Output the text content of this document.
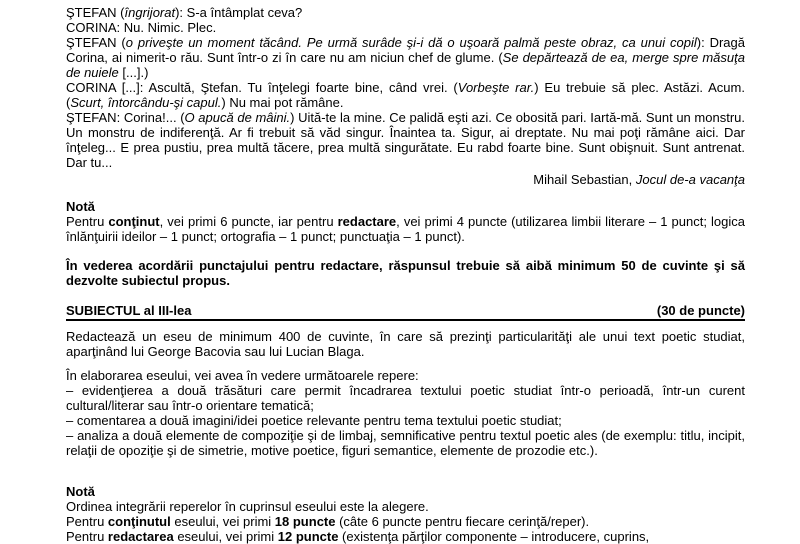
ŞTEFAN (îngrijorat): S-a întâmplat ceva?

CORINA: Nu. Nimic. Plec.

ŞTEFAN (o priveşte un moment tăcând. Pe urmă surâde şi-i dă o uşoară palmă peste obraz, ca unui copil): Dragă Corina, ai nimerit-o rău. Sunt într-o zi în care nu am niciun chef de glume. (Se depărtează de ea, merge spre măsuţa de nuiele [...].)

CORINA [...]: Ascultă, Ştefan. Tu înţelegi foarte bine, când vrei. (Vorbeşte rar.) Eu trebuie să plec. Astăzi. Acum. (Scurt, întorcându-şi capul.) Nu mai pot rămâne.

ŞTEFAN: Corina!... (O apucă de mâini.) Uită-te la mine. Ce palidă eşti azi. Ce obosită pari. Iartă-mă. Sunt un monstru. Un monstru de indiferenţă. Ar fi trebuit să văd singur. Înaintea ta. Sigur, ai dreptate. Nu mai poţi rămâne aici. Dar înţeleg... E prea pustiu, prea multă tăcere, prea multă singurătate. Eu rabd foarte bine. Sunt obişnuit. Sunt antrenat. Dar tu...

Mihail Sebastian, Jocul de-a vacanţa

Notă

Pentru conţinut, vei primi 6 puncte, iar pentru redactare, vei primi 4 puncte (utilizarea limbii literare – 1 punct; logica înlănţuirii ideilor – 1 punct; ortografia – 1 punct; punctuaţia – 1 punct).

În vederea acordării punctajului pentru redactare, răspunsul trebuie să aibă minimum 50 de cuvinte şi să dezvolte subiectul propus.

SUBIECTUL al III-lea	(30 de puncte)

Redactează un eseu de minimum 400 de cuvinte, în care să prezinţi particularităţi ale unui text poetic studiat, aparţinând lui George Bacovia sau lui Lucian Blaga.

În elaborarea eseului, vei avea în vedere următoarele repere:

– evidenţierea a două trăsături care permit încadrarea textului poetic studiat într-o perioadă, într-un curent cultural/literar sau într-o orientare tematică;

– comentarea a două imagini/idei poetice relevante pentru tema textului poetic studiat;

– analiza a două elemente de compoziţie şi de limbaj, semnificative pentru textul poetic ales (de exemplu: titlu, incipit, relaţii de opoziţie şi de simetrie, motive poetice, figuri semantice, elemente de prozodie etc.).

Notă

Ordinea integrării reperelor în cuprinsul eseului este la alegere.

Pentru conţinutul eseului, vei primi 18 puncte (câte 6 puncte pentru fiecare cerinţă/reper).

Pentru redactarea eseului, vei primi 12 puncte (existenţa părţilor componente – introducere, cuprins,
